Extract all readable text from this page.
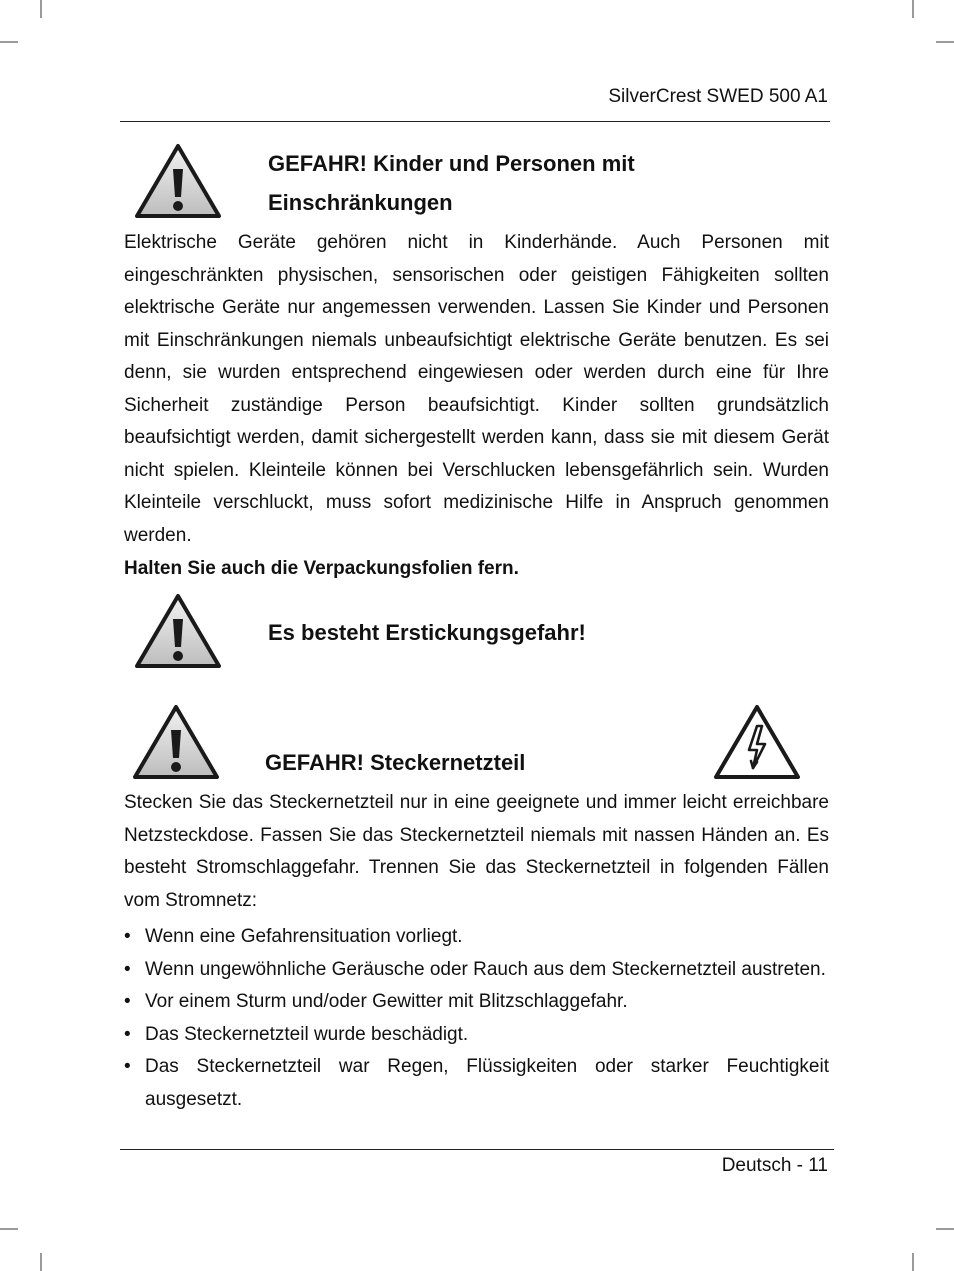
SilverCrest SWED 500 A1
GEFAHR! Kinder und Personen mit
Einschränkungen

Elektrische Geräte gehören nicht in Kinderhände. Auch Personen mit eingeschränkten physischen, sensorischen oder geistigen Fähigkeiten sollten elektrische Geräte nur angemessen verwenden. Lassen Sie Kinder und Personen mit Einschränkungen niemals unbeaufsichtigt elektrische Geräte benutzen. Es sei denn, sie wurden entsprechend eingewiesen oder werden durch eine für Ihre Sicherheit zuständige Person beaufsichtigt. Kinder sollten grundsätzlich beaufsichtigt werden, damit sichergestellt werden kann, dass sie mit diesem Gerät nicht spielen. Kleinteile können bei Verschlucken lebensgefährlich sein. Wurden Kleinteile verschluckt, muss sofort medizinische Hilfe in Anspruch genommen werden.

Halten Sie auch die Verpackungsfolien fern.
Es besteht Erstickungsgefahr!
GEFAHR! Steckernetzteil

Stecken Sie das Steckernetzteil nur in eine geeignete und immer leicht erreichbare Netzsteckdose. Fassen Sie das Steckernetzteil niemals mit nassen Händen an. Es besteht Stromschlaggefahr. Trennen Sie das Steckernetzteil in folgenden Fällen vom Stromnetz:

• Wenn eine Gefahrensituation vorliegt.
• Wenn ungewöhnliche Geräusche oder Rauch aus dem Steckernetzteil austreten.
• Vor einem Sturm und/oder Gewitter mit Blitzschlaggefahr.
• Das Steckernetzteil wurde beschädigt.
• Das Steckernetzteil war Regen, Flüssigkeiten oder starker Feuchtigkeit ausgesetzt.
Deutsch - 11
